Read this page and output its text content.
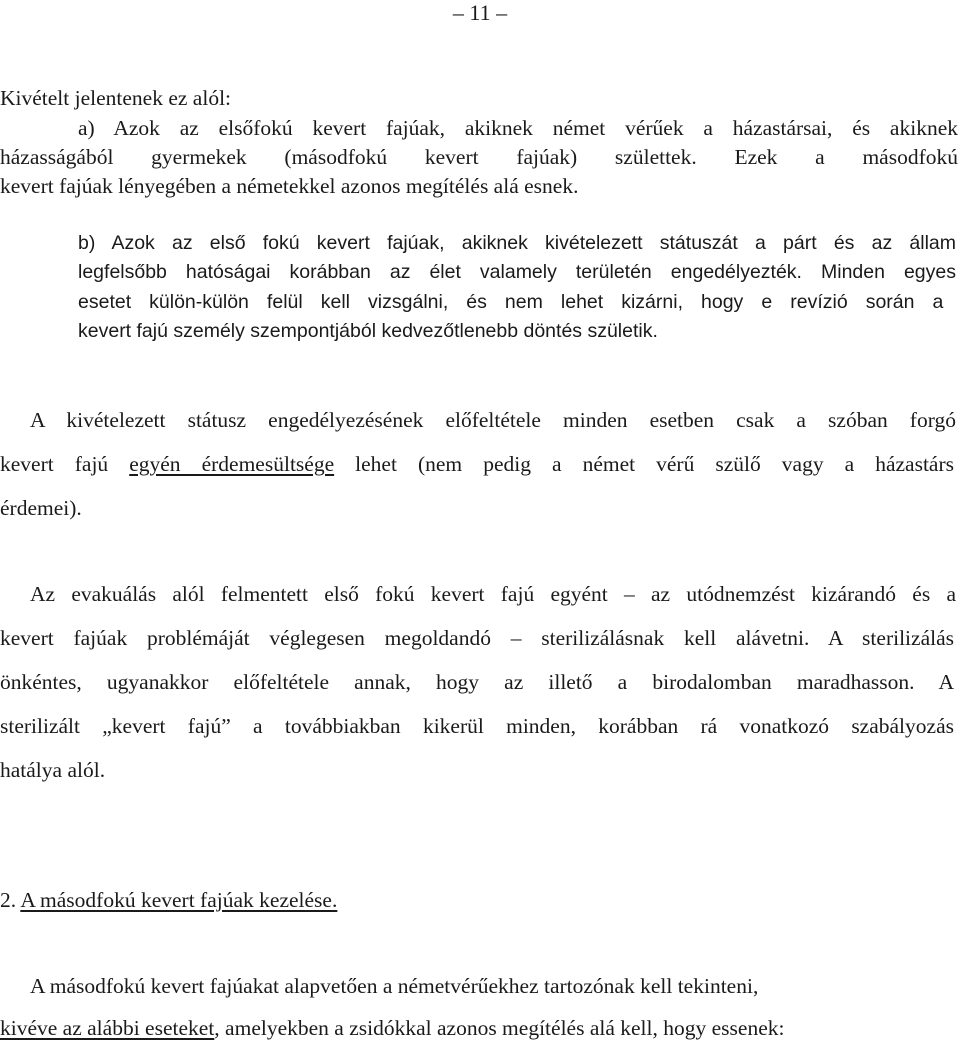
– 11 –
Kivételt jelentenek ez alól:
a) Azok az elsőfokú kevert fajúak, akiknek német vérűek a házastársai, és akiknek
házasságából gyermekek (másodfokú kevert fajúak) születtek. Ezek a másodfokú
kevert fajúak lényegében a németekkel azonos megítélés alá esnek.
b) Azok az első fokú kevert fajúak, akiknek kivételezett státuszát a párt és az állam
legfelsőbb hatóságai korábban az élet valamely területén engedélyezték. Minden egyes
esetet külön-külön felül kell vizsgálni, és nem lehet kizárni, hogy e revízió során a
kevert fajú személy szempontjából kedvezőtlenebb döntés születik.
A kivételezett státusz engedélyezésének előfeltétele minden esetben csak a szóban forgó
kevert fajú egyén érdemesültsége lehet (nem pedig a német vérű szülő vagy a házastárs
érdemei).
Az evakuálás alól felmentett első fokú kevert fajú egyént – az utódnemzést kizárandó és a
kevert fajúak problémáját véglegesen megoldandó – sterilizálásnak kell alávetni. A sterilizálás
önkéntes, ugyanakkor előfeltétele annak, hogy az illető a birodalomban maradhasson. A
sterilizált „kevert fajú” a továbbiakban kikerül minden, korábban rá vonatkozó szabályozás
hatálya alól.
2. A másodfokú kevert fajúak kezelése.
A másodfokú kevert fajúakat alapvetően a németvérűekhez tartozónak kell tekinteni,
kivéve az alábbi eseteket, amelyekben a zsidókkal azonos megítélés alá kell, hogy essenek:
